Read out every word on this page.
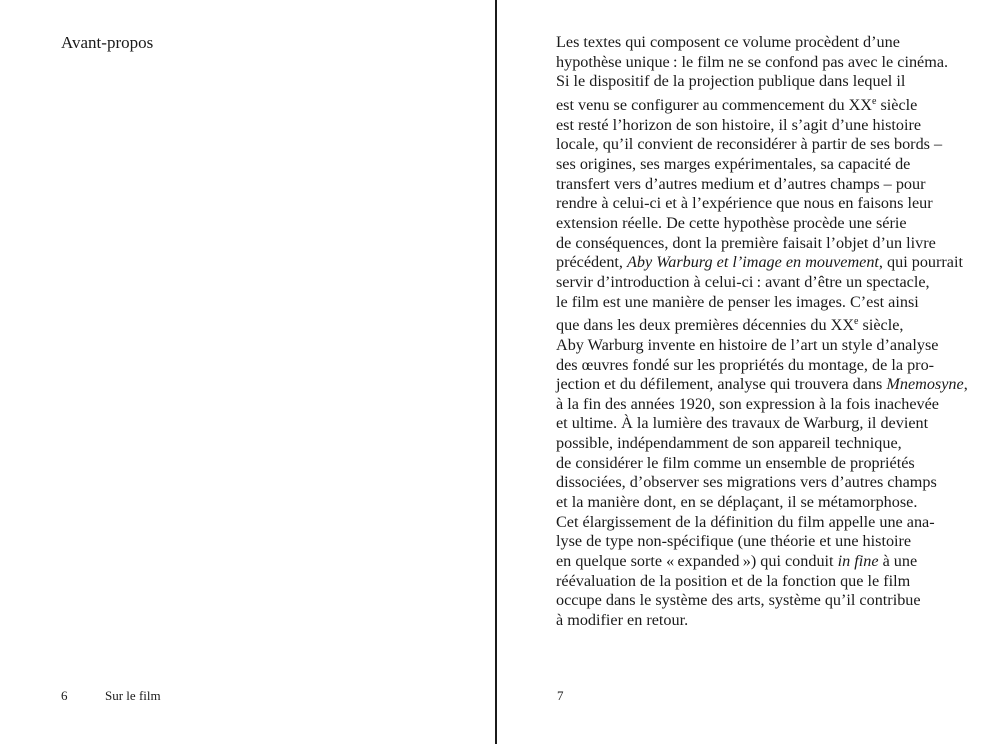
Avant-propos
6	Sur le film
Les textes qui composent ce volume procèdent d’une
hypothèse unique : le film ne se confond pas avec le cinéma.
Si le dispositif de la projection publique dans lequel il
est venu se configurer au commencement du XXe siècle
est resté l’horizon de son histoire, il s’agit d’une histoire
locale, qu’il convient de reconsidérer à partir de ses bords –
ses origines, ses marges expérimentales, sa capacité de
transfert vers d’autres medium et d’autres champs – pour
rendre à celui-ci et à l’expérience que nous en faisons leur
extension réelle. De cette hypothèse procède une série
de conséquences, dont la première faisait l’objet d’un livre
précédent, Aby Warburg et l’image en mouvement, qui pourrait
servir d’introduction à celui-ci : avant d’être un spectacle,
le film est une manière de penser les images. C’est ainsi
que dans les deux premières décennies du XXe siècle,
Aby Warburg invente en histoire de l’art un style d’analyse
des œuvres fondé sur les propriétés du montage, de la pro-
jection et du défilement, analyse qui trouvera dans Mnemosyne,
à la fin des années 1920, son expression à la fois inachevée
et ultime. À la lumière des travaux de Warburg, il devient
possible, indépendamment de son appareil technique,
de considérer le film comme un ensemble de propriétés
dissociées, d’observer ses migrations vers d’autres champs
et la manière dont, en se déplaçant, il se métamorphose.
Cet élargissement de la définition du film appelle une ana-
lyse de type non-spécifique (une théorie et une histoire
en quelque sorte « expanded ») qui conduit in fine à une
réévaluation de la position et de la fonction que le film
occupe dans le système des arts, système qu’il contribue
à modifier en retour.
7
